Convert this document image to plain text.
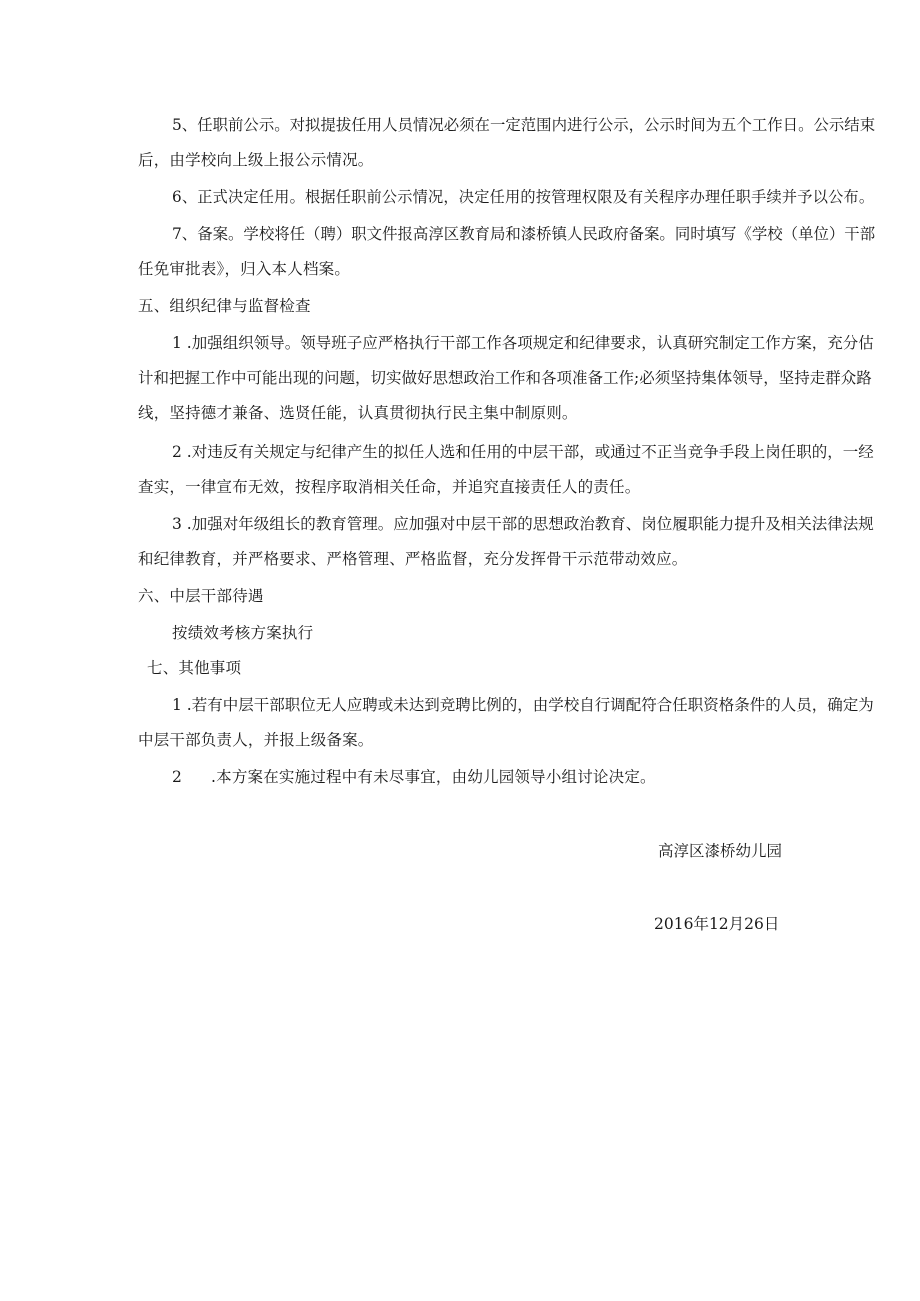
5、任职前公示。对拟提拔任用人员情况必须在一定范围内进行公示，公示时间为五个工作日。公示结束
后，由学校向上级上报公示情况。
6、正式决定任用。根据任职前公示情况，决定任用的按管理权限及有关程序办理任职手续并予以公布。
7、备案。学校将任（聘）职文件报高淳区教育局和漆桥镇人民政府备案。同时填写《学校（单位）干部
任免审批表》，归入本人档案。
五、组织纪律与监督检查
1 .加强组织领导。领导班子应严格执行干部工作各项规定和纪律要求，认真研究制定工作方案，充分估
计和把握工作中可能出现的问题，切实做好思想政治工作和各项准备工作;必须坚持集体领导，坚持走群众路
线，坚持德才兼备、选贤任能，认真贯彻执行民主集中制原则。
2 .对违反有关规定与纪律产生的拟任人选和任用的中层干部，或通过不正当竞争手段上岗任职的，一经
查实，一律宣布无效，按程序取消相关任命，并追究直接责任人的责任。
3 .加强对年级组长的教育管理。应加强对中层干部的思想政治教育、岗位履职能力提升及相关法律法规
和纪律教育，并严格要求、严格管理、严格监督，充分发挥骨干示范带动效应。
六、中层干部待遇
按绩效考核方案执行
七、其他事项
1 .若有中层干部职位无人应聘或未达到竞聘比例的，由学校自行调配符合任职资格条件的人员，确定为
中层干部负责人，并报上级备案。
2 .本方案在实施过程中有未尽事宜，由幼儿园领导小组讨论决定。
高淳区漆桥幼儿园
2016年12月26日
